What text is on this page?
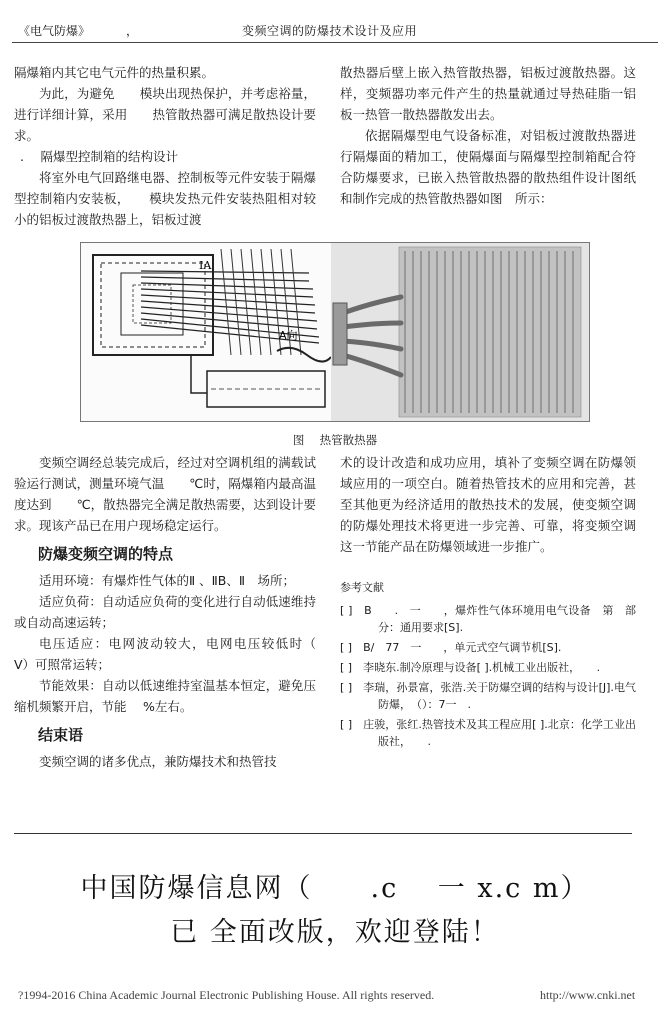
《电气防爆》	，	变频空调的防爆技术设计及应用

隔爆箱内其它电气元件的热量积累。

为此，为避免　　模块出现热保护，并考虑裕量，进行详细计算，采用　　热管散热器可满足散热设计要求。

.　 隔爆型控制箱的结构设计

将室外电气回路继电器、控制板等元件安装于隔爆型控制箱内安装板，　　模块发热元件安装热阻相对较小的铝板过渡散热器上，铝板过渡

散热器后壁上嵌入热管散热器，铝板过渡散热器。这样，变频器功率元件产生的热量就通过导热硅脂一铝板一热管一散热器散发出去。

依据隔爆型电气设备标准，对铝板过渡散热器进行隔爆面的精加工，使隔爆面与隔爆型控制箱配合符合防爆要求，已嵌入热管散热器的散热组件设计图纸和制作完成的热管散热器如图　所示：

IA
A向
图　 热管散热器

变频空调经总装完成后，经过对空调机组的满载试验运行测试，测量环境气温　　℃时，隔爆箱内最高温度达到　　℃，散热器完全满足散热需要，达到设计要求。现该产品已在用户现场稳定运行。

防爆变频空调的特点

适用环境：有爆炸性气体的Ⅱ 、ⅡB、Ⅱ　场所；

适应负荷：自动适应负荷的变化进行自动低速维持或自动高速运转；

电压适应：电网波动较大，电网电压较低时（　V）可照常运转；

节能效果：自动以低速维持室温基本恒定，避免压缩机频繁开启，节能　 %左右。

结束语

变频空调的诸多优点，兼防爆技术和热管技

术的设计改造和成功应用，填补了变频空调在防爆领域应用的一项空白。随着热管技术的应用和完善，甚至其他更为经济适用的散热技术的发展，使变频空调的防爆处理技术将更进一步完善、可靠，将变频空调这一节能产品在防爆领域进一步推广。

参考文献

[ ]　B　　.　一　　，爆炸性气体环境用电气设备　第　部分：通用要求[S].

[ ]　B/　77　一　　，单元式空气调节机[S].

[ ]　李晓东.制冷原理与设备[ ].机械工业出版社，　　.

[ ]　李瑞，孙景富，张浩.关于防爆空调的结构与设计[J].电气防爆，　（）：7一　.

[ ]　庄骏，张红.热管技术及其工程应用[ ].北京：化学工业出版社，　　.

中国防爆信息网（　　.c　 一 x.c m）
已 全面改版，欢迎登陆！
?1994-2016 China Academic Journal Electronic Publishing House. All rights reserved.	http://www.cnki.net
